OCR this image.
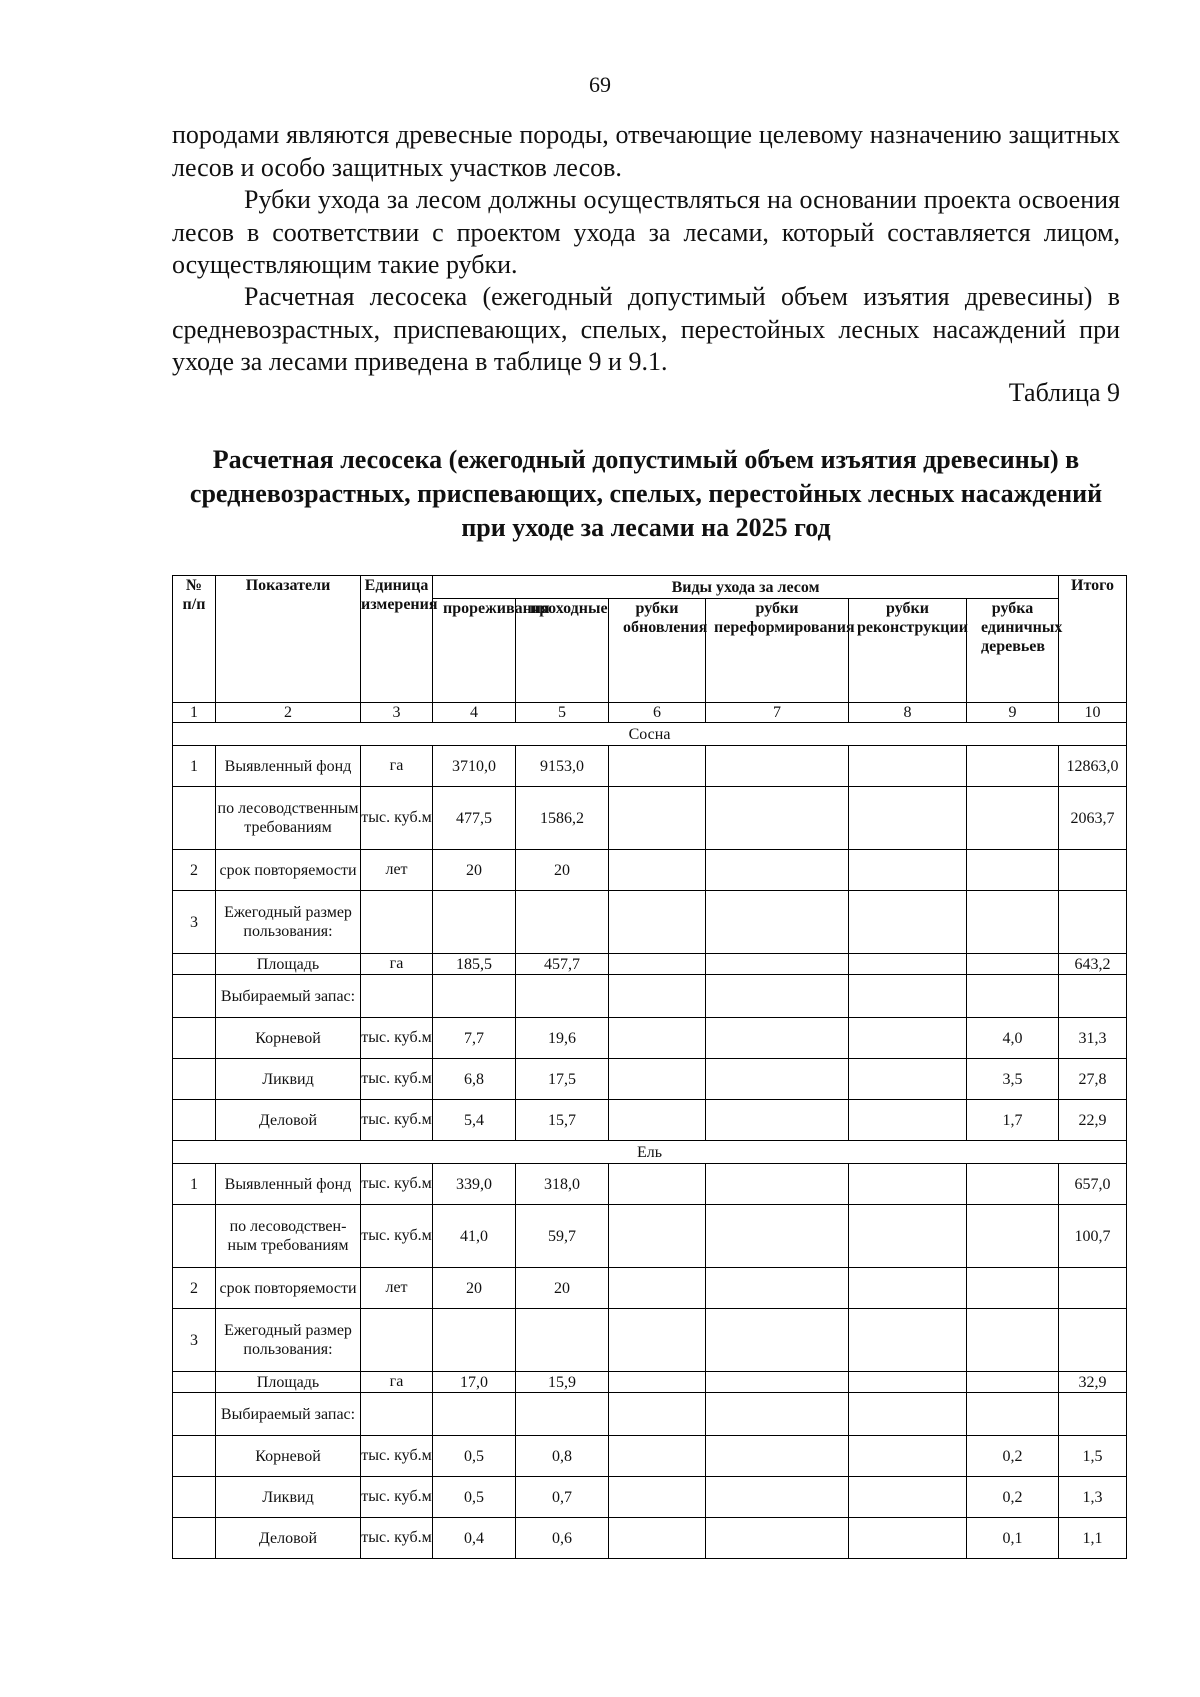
69
породами являются древесные породы, отвечающие целевому назначению защитных лесов и особо защитных участков лесов.
Рубки ухода за лесом должны осуществляться на основании проекта освоения лесов в соответствии с проектом ухода за лесами, который составляется лицом, осуществляющим такие рубки.
Расчетная лесосека (ежегодный допустимый объем изъятия древесины) в средневозрастных, приспевающих, спелых, перестойных лесных насаждений при уходе за лесами приведена в таблице 9 и 9.1.
Таблица 9
Расчетная лесосека (ежегодный допустимый объем изъятия древесины) в средневозрастных, приспевающих, спелых, перестойных лесных насаждений при уходе за лесами на 2025 год
№ п/п	Показатели	Единица измерения	Виды ухода за лесом						Итого
			прореживания	проходные	рубки обновления	рубки переформирования	рубки реконструкции	рубка единичных деревьев	
1	2	3	4	5	6	7	8	9	10
Сосна									
1	Выявленный фонд	га	3710,0	9153,0					12863,0
	по лесоводственным требованиям	тыс. куб.м	477,5	1586,2					2063,7
2	срок повторяемости	лет	20	20					
3	Ежегодный размер пользования:								
	Площадь	га	185,5	457,7					643,2
	Выбираемый запас:								
	Корневой	тыс. куб.м	7,7	19,6				4,0	31,3
	Ликвид	тыс. куб.м	6,8	17,5				3,5	27,8
	Деловой	тыс. куб.м	5,4	15,7				1,7	22,9
Ель									
1	Выявленный фонд	тыс. куб.м	339,0	318,0					657,0
	по лесоводствен-ным требованиям	тыс. куб.м	41,0	59,7					100,7
2	срок повторяемости	лет	20	20					
3	Ежегодный размер пользования:								
	Площадь	га	17,0	15,9					32,9
	Выбираемый запас:								
	Корневой	тыс. куб.м	0,5	0,8				0,2	1,5
	Ликвид	тыс. куб.м	0,5	0,7				0,2	1,3
	Деловой	тыс. куб.м	0,4	0,6				0,1	1,1
